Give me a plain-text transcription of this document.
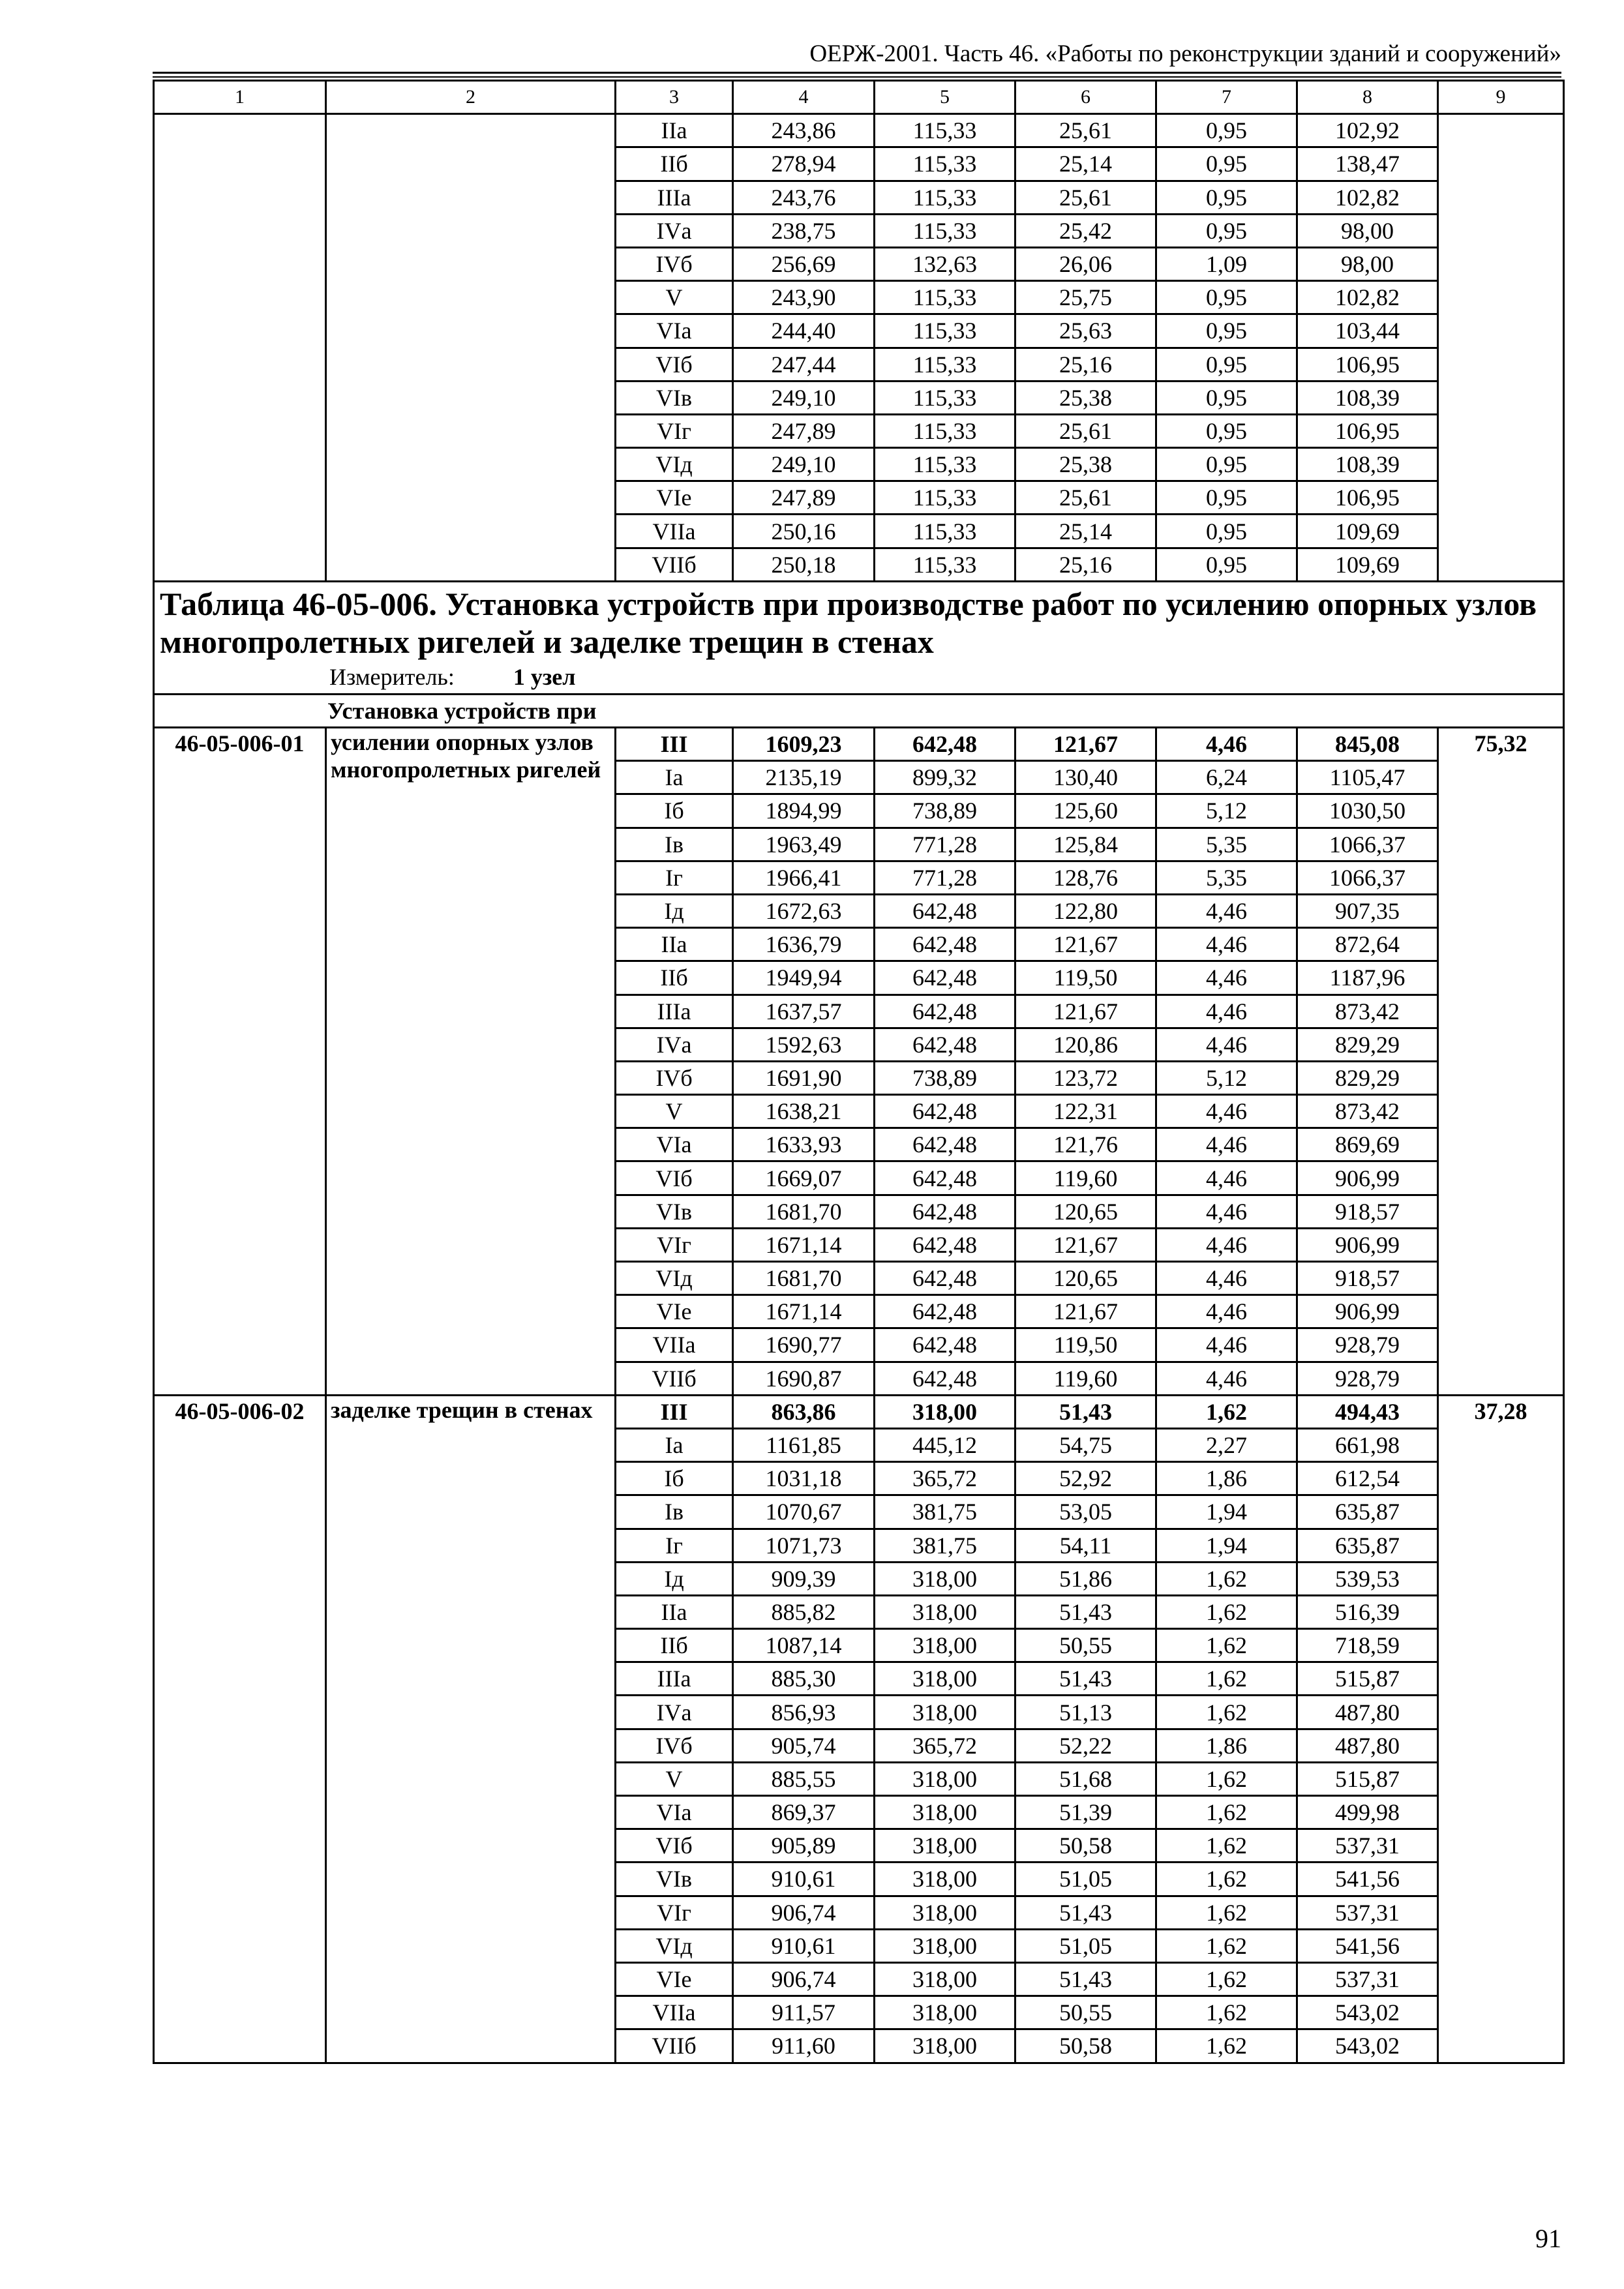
ОЕРЖ-2001. Часть 46. «Работы по реконструкции зданий и сооружений»
1	2	3	4	5	6	7	8	9
		IIа	243,86	115,33	25,61	0,95	102,92	
		IIб	278,94	115,33	25,14	0,95	138,47	
		IIIа	243,76	115,33	25,61	0,95	102,82	
		IVа	238,75	115,33	25,42	0,95	98,00	
		IVб	256,69	132,63	26,06	1,09	98,00	
		V	243,90	115,33	25,75	0,95	102,82	
		VIа	244,40	115,33	25,63	0,95	103,44	
		VIб	247,44	115,33	25,16	0,95	106,95	
		VIв	249,10	115,33	25,38	0,95	108,39	
		VIг	247,89	115,33	25,61	0,95	106,95	
		VIд	249,10	115,33	25,38	0,95	108,39	
		VIе	247,89	115,33	25,61	0,95	106,95	
		VIIа	250,16	115,33	25,14	0,95	109,69	
		VIIб	250,18	115,33	25,16	0,95	109,69	

Таблица 46-05-006. Установка устройств при производстве работ по усилению опорных узлов многопролетных ригелей и заделке трещин в стенах
Измеритель: 1 узел								

Установка устройств при								
46-05-006-01	усилении опорных узлов многопролетных ригелей	III	1609,23	642,48	121,67	4,46	845,08	75,32
		Iа	2135,19	899,32	130,40	6,24	1105,47	
		Iб	1894,99	738,89	125,60	5,12	1030,50	
		Iв	1963,49	771,28	125,84	5,35	1066,37	
		Iг	1966,41	771,28	128,76	5,35	1066,37	
		Iд	1672,63	642,48	122,80	4,46	907,35	
		IIа	1636,79	642,48	121,67	4,46	872,64	
		IIб	1949,94	642,48	119,50	4,46	1187,96	
		IIIа	1637,57	642,48	121,67	4,46	873,42	
		IVа	1592,63	642,48	120,86	4,46	829,29	
		IVб	1691,90	738,89	123,72	5,12	829,29	
		V	1638,21	642,48	122,31	4,46	873,42	
		VIа	1633,93	642,48	121,76	4,46	869,69	
		VIб	1669,07	642,48	119,60	4,46	906,99	
		VIв	1681,70	642,48	120,65	4,46	918,57	
		VIг	1671,14	642,48	121,67	4,46	906,99	
		VIд	1681,70	642,48	120,65	4,46	918,57	
		VIе	1671,14	642,48	121,67	4,46	906,99	
		VIIа	1690,77	642,48	119,50	4,46	928,79	
		VIIб	1690,87	642,48	119,60	4,46	928,79	
46-05-006-02	заделке трещин в стенах	III	863,86	318,00	51,43	1,62	494,43	37,28
		Iа	1161,85	445,12	54,75	2,27	661,98	
		Iб	1031,18	365,72	52,92	1,86	612,54	
		Iв	1070,67	381,75	53,05	1,94	635,87	
		Iг	1071,73	381,75	54,11	1,94	635,87	
		Iд	909,39	318,00	51,86	1,62	539,53	
		IIа	885,82	318,00	51,43	1,62	516,39	
		IIб	1087,14	318,00	50,55	1,62	718,59	
		IIIа	885,30	318,00	51,43	1,62	515,87	
		IVа	856,93	318,00	51,13	1,62	487,80	
		IVб	905,74	365,72	52,22	1,86	487,80	
		V	885,55	318,00	51,68	1,62	515,87	
		VIа	869,37	318,00	51,39	1,62	499,98	
		VIб	905,89	318,00	50,58	1,62	537,31	
		VIв	910,61	318,00	51,05	1,62	541,56	
		VIг	906,74	318,00	51,43	1,62	537,31	
		VIд	910,61	318,00	51,05	1,62	541,56	
		VIе	906,74	318,00	51,43	1,62	537,31	
		VIIа	911,57	318,00	50,55	1,62	543,02	
		VIIб	911,60	318,00	50,58	1,62	543,02	
91
